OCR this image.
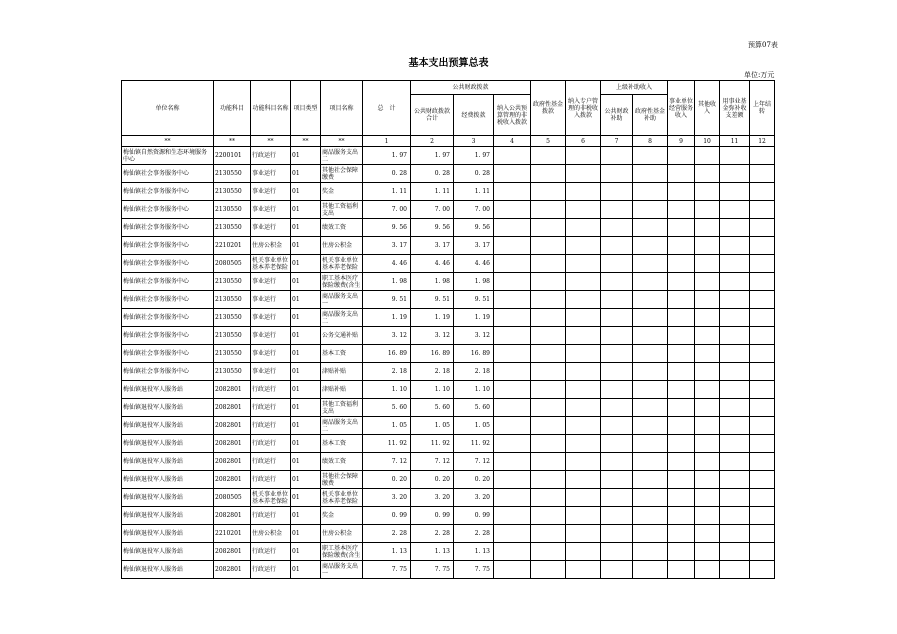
预算07表
基本支出预算总表
单位:万元
单位名称	功能科目	功能科目名称	项目类型	项目名称	总　计	公共财政拨款			政府性基金拨款	纳入专户管理的非税收入拨款	上级补助收入		事业单位经营服务收入	其他收入	用事业基金弥补收支差额	上年结转
						公共财政拨款合计	经费拨款	纳入公共预算管理的非税收入拨款			公共财政补助	政府性基金补助				
**	**	**	**	**	1	2	3	4	5	6	7	8	9	10	11	12
梅仙镇自然资源和生态环境服务中心	2200101	行政运行	01	商品服务支出二	1. 97	1. 97	1. 97									
梅仙镇社会事务服务中心	2130550	事业运行	01	其他社会保障缴费	0. 28	0. 28	0. 28									
梅仙镇社会事务服务中心	2130550	事业运行	01	奖金	1. 11	1. 11	1. 11									
梅仙镇社会事务服务中心	2130550	事业运行	01	其他工资福利支出	7. 00	7. 00	7. 00									
梅仙镇社会事务服务中心	2130550	事业运行	01	绩效工资	9. 56	9. 56	9. 56									
梅仙镇社会事务服务中心	2210201	住房公积金	01	住房公积金	3. 17	3. 17	3. 17									
梅仙镇社会事务服务中心	2080505	机关事业单位基本养老保险	01	机关事业单位基本养老保险	4. 46	4. 46	4. 46									
梅仙镇社会事务服务中心	2130550	事业运行	01	职工基本医疗保险缴费(含生	1. 98	1. 98	1. 98									
梅仙镇社会事务服务中心	2130550	事业运行	01	商品服务支出一	9. 51	9. 51	9. 51									
梅仙镇社会事务服务中心	2130550	事业运行	01	商品服务支出二	1. 19	1. 19	1. 19									
梅仙镇社会事务服务中心	2130550	事业运行	01	公务交通补贴	3. 12	3. 12	3. 12									
梅仙镇社会事务服务中心	2130550	事业运行	01	基本工资	16. 89	16. 89	16. 89									
梅仙镇社会事务服务中心	2130550	事业运行	01	津贴补贴	2. 18	2. 18	2. 18									
梅仙镇退役军人服务站	2082801	行政运行	01	津贴补贴	1. 10	1. 10	1. 10									
梅仙镇退役军人服务站	2082801	行政运行	01	其他工资福利支出	5. 60	5. 60	5. 60									
梅仙镇退役军人服务站	2082801	行政运行	01	商品服务支出二	1. 05	1. 05	1. 05									
梅仙镇退役军人服务站	2082801	行政运行	01	基本工资	11. 92	11. 92	11. 92									
梅仙镇退役军人服务站	2082801	行政运行	01	绩效工资	7. 12	7. 12	7. 12									
梅仙镇退役军人服务站	2082801	行政运行	01	其他社会保障缴费	0. 20	0. 20	0. 20									
梅仙镇退役军人服务站	2080505	机关事业单位基本养老保险	01	机关事业单位基本养老保险	3. 20	3. 20	3. 20									
梅仙镇退役军人服务站	2082801	行政运行	01	奖金	0. 99	0. 99	0. 99									
梅仙镇退役军人服务站	2210201	住房公积金	01	住房公积金	2. 28	2. 28	2. 28									
梅仙镇退役军人服务站	2082801	行政运行	01	职工基本医疗保险缴费(含生	1. 13	1. 13	1. 13									
梅仙镇退役军人服务站	2082801	行政运行	01	商品服务支出一	7. 75	7. 75	7. 75									
